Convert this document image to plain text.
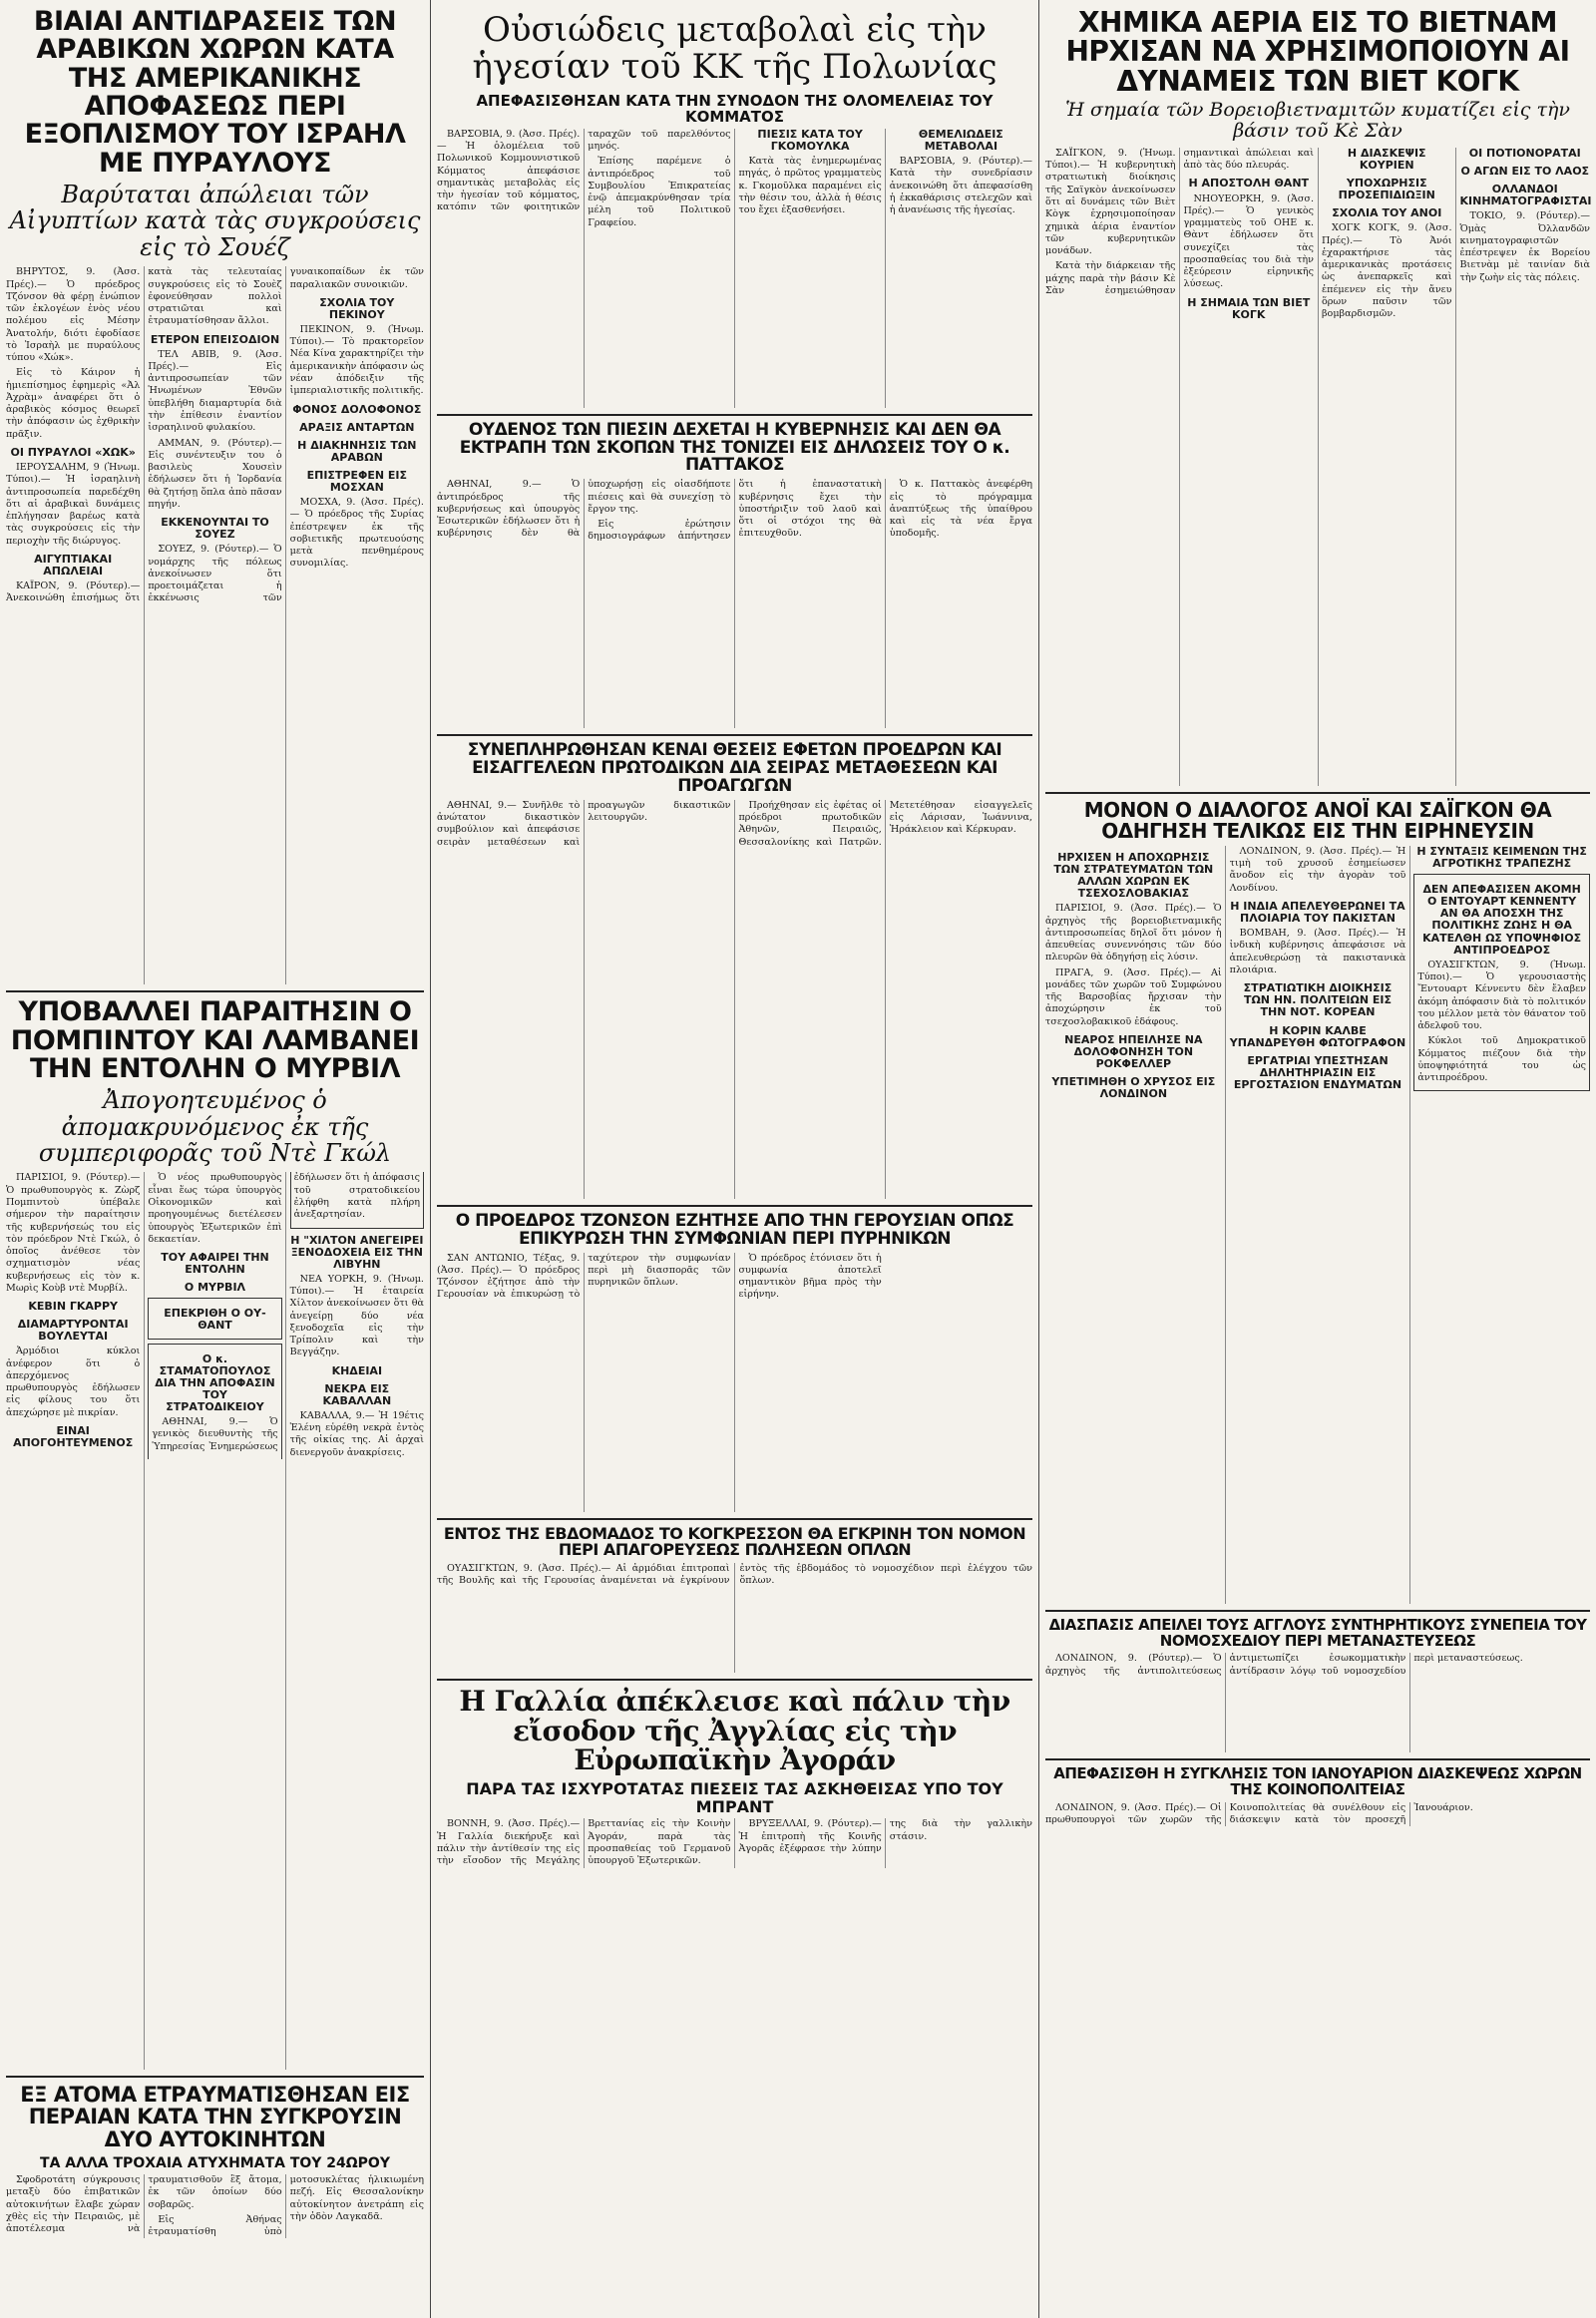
ΒΙΑΙΑΙ ΑΝΤΙΔΡΑΣΕΙΣ ΤΩΝ ΑΡΑΒΙΚΩΝ ΧΩΡΩΝ ΚΑΤΑ ΤΗΣ ΑΜΕΡΙΚΑΝΙΚΗΣ ΑΠΟΦΑΣΕΩΣ ΠΕΡΙ ΕΞΟΠΛΙΣΜΟΥ ΤΟΥ ΙΣΡΑΗΛ ΜΕ ΠΥΡΑΥΛΟΥΣ
Βαρύταται ἀπώλειαι τῶν Αἰγυπτίων κατὰ τὰς συγκρούσεις εἰς τὸ Σουέζ

ΒΗΡΥΤΟΣ, 9. (Ἀσσ. Πρές).— Ὁ πρόεδρος Τζόνσον θὰ φέρῃ ἐνώπιον τῶν ἐκλογέων ἑνὸς νέου πολέμου εἰς Μέσην Ἀνατολήν, διότι ἐφοδίασε τὸ Ἰσραὴλ με πυραύλους τύπου «Χώκ».

Εἰς τὸ Κάιρον ἡ ἡμιεπίσημος ἐφημερὶς «Ἀλ Ἀχρὰμ» ἀναφέρει ὅτι ὁ ἀραβικὸς κόσμος θεωρεῖ τὴν ἀπόφασιν ὡς ἐχθρικὴν πρᾶξιν.

ΟΙ ΠΥΡΑΥΛΟΙ «ΧΩΚ»

ΙΕΡΟΥΣΑΛΗΜ, 9 (Ἡνωμ. Τύποι).— Ἡ ἰσραηλινὴ ἀντιπροσωπεία παρεδέχθη ὅτι αἱ ἀραβικαὶ δυνάμεις ἐπλήγησαν βαρέως κατὰ τὰς συγκρούσεις εἰς τὴν περιοχὴν τῆς διώρυγος.

ΑΙΓΥΠΤΙΑΚΑΙ ΑΠΩΛΕΙΑΙ

ΚΑΪΡΟΝ, 9. (Ρόυτερ).— Ἀνεκοινώθη ἐπισήμως ὅτι κατὰ τὰς τελευταίας συγκρούσεις εἰς τὸ Σουὲζ ἐφονεύθησαν πολλοὶ στρατιῶται καὶ ἐτραυματίσθησαν ἄλλοι.

ΕΤΕΡΟΝ ΕΠΕΙΣΟΔΙΟΝ

ΤΕΛ ΑΒΙΒ, 9. (Ἀσσ. Πρές).— Εἰς ἀντιπροσωπείαν τῶν Ἡνωμένων Ἐθνῶν ὑπεβλήθη διαμαρτυρία διὰ τὴν ἐπίθεσιν ἐναντίον ἰσραηλινοῦ φυλακίου.

ΑΜΜΑΝ, 9. (Ρόυτερ).— Εἰς συνέντευξιν του ὁ βασιλεὺς Χουσεὶν ἐδήλωσεν ὅτι ἡ Ἰορδανία θὰ ζητήσῃ ὅπλα ἀπὸ πᾶσαν πηγήν.

ΕΚΚΕΝΟΥΝΤΑΙ ΤΟ ΣΟΥΕΖ

ΣΟΥΕΖ, 9. (Ρόυτερ).— Ὁ νομάρχης τῆς πόλεως ἀνεκοίνωσεν ὅτι προετοιμάζεται ἡ ἐκκένωσις τῶν γυναικοπαίδων ἐκ τῶν παραλιακῶν συνοικιῶν.

ΣΧΟΛΙΑ ΤΟΥ ΠΕΚΙΝΟΥ

ΠΕΚΙΝΟΝ, 9. (Ἡνωμ. Τύποι).— Τὸ πρακτορεῖον Νέα Κίνα χαρακτηρίζει τὴν ἀμερικανικὴν ἀπόφασιν ὡς νέαν ἀπόδειξιν τῆς ἰμπεριαλιστικῆς πολιτικῆς.

ΦΟΝΟΣ ΔΟΛΟΦΟΝΟΣ
ΑΡΑΞΙΣ ΑΝΤΑΡΤΩΝ
Η ΔΙΑΚΗΝΗΣΙΣ ΤΩΝ ΑΡΑΒΩΝ
ΕΠΙΣΤΡΕΦΕΝ ΕΙΣ ΜΟΣΧΑΝ

ΜΟΣΧΑ, 9. (Ἀσσ. Πρές).— Ὁ πρόεδρος τῆς Συρίας ἐπέστρεψεν ἐκ τῆς σοβιετικῆς πρωτευούσης μετὰ πενθημέρους συνομιλίας.

ΥΠΟΒΑΛΛΕΙ ΠΑΡΑΙΤΗΣΙΝ Ο ΠΟΜΠΙΝΤΟΥ ΚΑΙ ΛΑΜΒΑΝΕΙ ΤΗΝ ΕΝΤΟΛΗΝ Ο ΜΥΡΒΙΛ
Ἀπογοητευμένος ὁ ἀπομακρυνόμενος ἐκ τῆς συμπεριφορᾶς τοῦ Ντὲ Γκώλ

ΠΑΡΙΣΙΟΙ, 9. (Ρόυτερ).— Ὁ πρωθυπουργὸς κ. Ζὼρζ Πομπιντοὺ ὑπέβαλε σήμερον τὴν παραίτησιν τῆς κυβερνήσεώς του εἰς τὸν πρόεδρον Ντὲ Γκώλ, ὁ ὁποῖος ἀνέθεσε τὸν σχηματισμὸν νέας κυβερνήσεως εἰς τὸν κ. Μωρὶς Κοὺβ ντὲ Μυρβίλ.

ΚΕΒΙΝ ΓΚΑΡΡΥ
ΔΙΑΜΑΡΤΥΡΟΝΤΑΙ ΒΟΥΛΕΥΤΑΙ

Ἀρμόδιοι κύκλοι ἀνέφερον ὅτι ὁ ἀπερχόμενος πρωθυπουργὸς ἐδήλωσεν εἰς φίλους του ὅτι ἀπεχώρησε μὲ πικρίαν.

ΕΙΝΑΙ ΑΠΟΓΟΗΤΕΥΜΕΝΟΣ

Ὁ νέος πρωθυπουργὸς εἶναι ἕως τώρα ὑπουργὸς Οἰκονομικῶν καὶ προηγουμένως διετέλεσεν ὑπουργὸς Ἐξωτερικῶν ἐπὶ δεκαετίαν.

ΤΟΥ ΑΦΑΙΡΕΙ ΤΗΝ ΕΝΤΟΛΗΝ
Ο ΜΥΡΒΙΛ
ΕΠΕΚΡΙΘΗ Ο ΟΥ-ΘΑΝΤ
Ο κ. ΣΤΑΜΑΤΟΠΟΥΛΟΣ ΔΙΑ ΤΗΝ ΑΠΟΦΑΣΙΝ ΤΟΥ ΣΤΡΑΤΟΔΙΚΕΙΟΥ

ΑΘΗΝΑΙ, 9.— Ὁ γενικὸς διευθυντὴς τῆς Ὑπηρεσίας Ἐνημερώσεως ἐδήλωσεν ὅτι ἡ ἀπόφασις τοῦ στρατοδικείου ἐλήφθη κατὰ πλήρη ἀνεξαρτησίαν.

Η "ΧΙΛΤΟΝ ΑΝΕΓΕΙΡΕΙ ΞΕΝΟΔΟΧΕΙΑ ΕΙΣ ΤΗΝ ΛΙΒΥΗΝ

ΝΕΑ ΥΟΡΚΗ, 9. (Ἡνωμ. Τύποι).— Ἡ ἑταιρεία Χίλτον ἀνεκοίνωσεν ὅτι θὰ ἀνεγείρῃ δύο νέα ξενοδοχεῖα εἰς τὴν Τρίπολιν καὶ τὴν Βεγγάζην.

ΚΗΔΕΙΑΙ
ΝΕΚΡΑ ΕΙΣ ΚΑΒΑΛΛΑΝ

ΚΑΒΑΛΛΑ, 9.— Ἡ 19έτις Ἑλένη εὑρέθη νεκρὰ ἐντὸς τῆς οἰκίας της. Αἱ ἀρχαὶ διενεργοῦν ἀνακρίσεις.

ΕΞ ΑΤΟΜΑ ΕΤΡΑΥΜΑΤΙΣΘΗΣΑΝ ΕΙΣ ΠΕΡΑΙΑΝ ΚΑΤΑ ΤΗΝ ΣΥΓΚΡΟΥΣΙΝ ΔΥΟ ΑΥΤΟΚΙΝΗΤΩΝ
ΤΑ ΑΛΛΑ ΤΡΟΧΑΙΑ ΑΤΥΧΗΜΑΤΑ ΤΟΥ 24ΩΡΟΥ

Σφοδροτάτη σύγκρουσις μεταξὺ δύο ἐπιβατικῶν αὐτοκινήτων ἔλαβε χώραν χθὲς εἰς τὴν Πειραιῶς, μὲ ἀποτέλεσμα νὰ τραυματισθοῦν ἓξ ἄτομα, ἐκ τῶν ὁποίων δύο σοβαρῶς.

Εἰς Ἀθήνας ἐτραυματίσθη ὑπὸ μοτοσυκλέτας ἡλικιωμένη πεζή. Εἰς Θεσσαλονίκην αὐτοκίνητον ἀνετράπη εἰς τὴν ὁδὸν Λαγκαδᾶ.

Οὐσιώδεις μεταβολαὶ εἰς τὴν ἡγεσίαν τοῦ ΚΚ τῆς Πολωνίας
ΑΠΕΦΑΣΙΣΘΗΣΑΝ ΚΑΤΑ ΤΗΝ ΣΥΝΟΔΟΝ ΤΗΣ ΟΛΟΜΕΛΕΙΑΣ ΤΟΥ ΚΟΜΜΑΤΟΣ

ΒΑΡΣΟΒΙΑ, 9. (Ἀσσ. Πρές).— Ἡ ὁλομέλεια τοῦ Πολωνικοῦ Κομμουνιστικοῦ Κόμματος ἀπεφάσισε σημαντικὰς μεταβολὰς εἰς τὴν ἡγεσίαν τοῦ κόμματος, κατόπιν τῶν φοιτητικῶν ταραχῶν τοῦ παρελθόντος μηνός.

Ἐπίσης παρέμενε ὁ ἀντιπρόεδρος τοῦ Συμβουλίου Ἐπικρατείας ἐνῷ ἀπεμακρύνθησαν τρία μέλη τοῦ Πολιτικοῦ Γραφείου.

ΠΙΕΣΙΣ ΚΑΤΑ ΤΟΥ ΓΚΟΜΟΥΛΚΑ

Κατὰ τὰς ἐνημερωμένας πηγάς, ὁ πρῶτος γραμματεὺς κ. Γκομοῦλκα παραμένει εἰς τὴν θέσιν του, ἀλλὰ ἡ θέσις του ἔχει ἐξασθενήσει.

ΘΕΜΕΛΙΩΔΕΙΣ ΜΕΤΑΒΟΛΑΙ

ΒΑΡΣΟΒΙΑ, 9. (Ρόυτερ).— Κατὰ τὴν συνεδρίασιν ἀνεκοινώθη ὅτι ἀπεφασίσθη ἡ ἐκκαθάρισις στελεχῶν καὶ ἡ ἀνανέωσις τῆς ἡγεσίας.

ΟΥΔΕΝΟΣ ΤΩΝ ΠΙΕΣΙΝ ΔΕΧΕΤΑΙ Η ΚΥΒΕΡΝΗΣΙΣ ΚΑΙ ΔΕΝ ΘΑ ΕΚΤΡΑΠΗ ΤΩΝ ΣΚΟΠΩΝ ΤΗΣ ΤΟΝΙΖΕΙ ΕΙΣ ΔΗΛΩΣΕΙΣ ΤΟΥ Ο κ. ΠΑΤΤΑΚΟΣ

ΑΘΗΝΑΙ, 9.— Ὁ ἀντιπρόεδρος τῆς κυβερνήσεως καὶ ὑπουργὸς Ἐσωτερικῶν ἐδήλωσεν ὅτι ἡ κυβέρνησις δὲν θὰ ὑποχωρήσῃ εἰς οἱασδήποτε πιέσεις καὶ θὰ συνεχίσῃ τὸ ἔργον της.

Εἰς ἐρώτησιν δημοσιογράφων ἀπήντησεν ὅτι ἡ ἐπαναστατικὴ κυβέρνησις ἔχει τὴν ὑποστήριξιν τοῦ λαοῦ καὶ ὅτι οἱ στόχοι της θὰ ἐπιτευχθοῦν.

Ὁ κ. Παττακὸς ἀνεφέρθη εἰς τὸ πρόγραμμα ἀναπτύξεως τῆς ὑπαίθρου καὶ εἰς τὰ νέα ἔργα ὑποδομῆς.

ΣΥΝΕΠΛΗΡΩΘΗΣΑΝ ΚΕΝΑΙ ΘΕΣΕΙΣ ΕΦΕΤΩΝ ΠΡΟΕΔΡΩΝ ΚΑΙ ΕΙΣΑΓΓΕΛΕΩΝ ΠΡΩΤΟΔΙΚΩΝ ΔΙΑ ΣΕΙΡΑΣ ΜΕΤΑΘΕΣΕΩΝ ΚΑΙ ΠΡΟΑΓΩΓΩΝ

ΑΘΗΝΑΙ, 9.— Συνῆλθε τὸ ἀνώτατον δικαστικὸν συμβούλιον καὶ ἀπεφάσισε σειρὰν μεταθέσεων καὶ προαγωγῶν δικαστικῶν λειτουργῶν.

Προήχθησαν εἰς ἐφέτας οἱ πρόεδροι πρωτοδικῶν Ἀθηνῶν, Πειραιῶς, Θεσσαλονίκης καὶ Πατρῶν. Μετετέθησαν εἰσαγγελεῖς εἰς Λάρισαν, Ἰωάννινα, Ἡράκλειον καὶ Κέρκυραν.

Ο ΠΡΟΕΔΡΟΣ ΤΖΟΝΣΟΝ ΕΖΗΤΗΣΕ ΑΠΟ ΤΗΝ ΓΕΡΟΥΣΙΑΝ ΟΠΩΣ ΕΠΙΚΥΡΩΣΗ ΤΗΝ ΣΥΜΦΩΝΙΑΝ ΠΕΡΙ ΠΥΡΗΝΙΚΩΝ

ΣΑΝ ΑΝΤΩΝΙΟ, Τέξας, 9. (Ἀσσ. Πρές).— Ὁ πρόεδρος Τζόνσον ἐζήτησε ἀπὸ τὴν Γερουσίαν νὰ ἐπικυρώσῃ τὸ ταχύτερον τὴν συμφωνίαν περὶ μὴ διασπορᾶς τῶν πυρηνικῶν ὅπλων.

Ὁ πρόεδρος ἐτόνισεν ὅτι ἡ συμφωνία ἀποτελεῖ σημαντικὸν βῆμα πρὸς τὴν εἰρήνην.

ΕΝΤΟΣ ΤΗΣ ΕΒΔΟΜΑΔΟΣ ΤΟ ΚΟΓΚΡΕΣΣΟΝ ΘΑ ΕΓΚΡΙΝΗ ΤΟΝ ΝΟΜΟΝ ΠΕΡΙ ΑΠΑΓΟΡΕΥΣΕΩΣ ΠΩΛΗΣΕΩΝ ΟΠΛΩΝ

ΟΥΑΣΙΓΚΤΩΝ, 9. (Ἀσσ. Πρές).— Αἱ ἀρμόδιαι ἐπιτροπαὶ τῆς Βουλῆς καὶ τῆς Γερουσίας ἀναμένεται νὰ ἐγκρίνουν ἐντὸς τῆς ἑβδομάδος τὸ νομοσχέδιον περὶ ἐλέγχου τῶν ὅπλων.

Η Γαλλία ἀπέκλεισε καὶ πάλιν τὴν εἴσοδον τῆς Ἀγγλίας εἰς τὴν Εὐρωπαϊκὴν Ἀγοράν
ΠΑΡΑ ΤΑΣ ΙΣΧΥΡΟΤΑΤΑΣ ΠΙΕΣΕΙΣ ΤΑΣ ΑΣΚΗΘΕΙΣΑΣ ΥΠΟ ΤΟΥ ΜΠΡΑΝΤ

ΒΟΝΝΗ, 9. (Ἀσσ. Πρές).— Ἡ Γαλλία διεκήρυξε καὶ πάλιν τὴν ἀντίθεσίν της εἰς τὴν εἴσοδον τῆς Μεγάλης Βρεττανίας εἰς τὴν Κοινὴν Ἀγοράν, παρὰ τὰς προσπαθείας τοῦ Γερμανοῦ ὑπουργοῦ Ἐξωτερικῶν.

ΒΡΥΞΕΛΛΑΙ, 9. (Ρόυτερ).— Ἡ ἐπιτροπὴ τῆς Κοινῆς Ἀγορᾶς ἐξέφρασε τὴν λύπην της διὰ τὴν γαλλικὴν στάσιν.

ΧΗΜΙΚΑ ΑΕΡΙΑ ΕΙΣ ΤΟ ΒΙΕΤΝΑΜ ΗΡΧΙΣΑΝ ΝΑ ΧΡΗΣΙΜΟΠΟΙΟΥΝ ΑΙ ΔΥΝΑΜΕΙΣ ΤΩΝ ΒΙΕΤ ΚΟΓΚ
Ἡ σημαία τῶν Βορειοβιετναμιτῶν κυματίζει εἰς τὴν βάσιν τοῦ Κὲ Σὰν

ΣΑΪΓΚΟΝ, 9. (Ἡνωμ. Τύποι).— Ἡ κυβερνητικὴ στρατιωτικὴ διοίκησις τῆς Σαϊγκὸν ἀνεκοίνωσεν ὅτι αἱ δυνάμεις τῶν Βιὲτ Κὸγκ ἐχρησιμοποίησαν χημικὰ ἀέρια ἐναντίον τῶν κυβερνητικῶν μονάδων.

Κατὰ τὴν διάρκειαν τῆς μάχης παρὰ τὴν βάσιν Κὲ Σὰν ἐσημειώθησαν σημαντικαὶ ἀπώλειαι καὶ ἀπὸ τὰς δύο πλευράς.

Η ΑΠΟΣΤΟΛΗ ΘΑΝΤ

ΝΗΟΥΕΟΡΚΗ, 9. (Ἀσσ. Πρές).— Ὁ γενικὸς γραμματεὺς τοῦ ΟΗΕ κ. Θὰντ ἐδήλωσεν ὅτι συνεχίζει τὰς προσπαθείας του διὰ τὴν ἐξεύρεσιν εἰρηνικῆς λύσεως.

Η ΣΗΜΑΙΑ ΤΩΝ ΒΙΕΤ ΚΟΓΚ
Η ΔΙΑΣΚΕΨΙΣ ΚΟΥΡΙΕΝ
ΥΠΟΧΩΡΗΣΙΣ ΠΡΟΣΕΠΙΔΙΩΞΙΝ
ΣΧΟΛΙΑ ΤΟΥ ΑΝΟΙ

ΧΟΓΚ ΚΟΓΚ, 9. (Ἀσσ. Πρές).— Τὸ Ἀνόι ἐχαρακτήρισε τὰς ἀμερικανικὰς προτάσεις ὡς ἀνεπαρκεῖς καὶ ἐπέμενεν εἰς τὴν ἄνευ ὅρων παῦσιν τῶν βομβαρδισμῶν.

ΟΙ ΠΟΤΙΟΝΟΡΑΤΑΙ
Ο ΑΓΩΝ ΕΙΣ ΤΟ ΛΑΟΣ
ΟΛΛΑΝΔΟΙ ΚΙΝΗΜΑΤΟΓΡΑΦΙΣΤΑΙ

ΤΟΚΙΟ, 9. (Ρόυτερ).— Ὁμὰς Ὀλλανδῶν κινηματογραφιστῶν ἐπέστρεψεν ἐκ Βορείου Βιετνὰμ μὲ ταινίαν διὰ τὴν ζωὴν εἰς τὰς πόλεις.

ΜΟΝΟΝ Ο ΔΙΑΛΟΓΟΣ ΑΝΟΪ ΚΑΙ ΣΑΪΓΚΟΝ ΘΑ ΟΔΗΓΗΣΗ ΤΕΛΙΚΩΣ ΕΙΣ ΤΗΝ ΕΙΡΗΝΕΥΣΙΝ
ΗΡΧΙΣΕΝ Η ΑΠΟΧΩΡΗΣΙΣ ΤΩΝ ΣΤΡΑΤΕΥΜΑΤΩΝ ΤΩΝ ΑΛΛΩΝ ΧΩΡΩΝ ΕΚ ΤΣΕΧΟΣΛΟΒΑΚΙΑΣ

ΠΑΡΙΣΙΟΙ, 9. (Ἀσσ. Πρές).— Ὁ ἀρχηγὸς τῆς βορειοβιετναμικῆς ἀντιπροσωπείας δηλοῖ ὅτι μόνον ἡ ἀπευθείας συνεννόησις τῶν δύο πλευρῶν θὰ ὁδηγήσῃ εἰς λύσιν.

ΠΡΑΓΑ, 9. (Ἀσσ. Πρές).— Αἱ μονάδες τῶν χωρῶν τοῦ Συμφώνου τῆς Βαρσοβίας ἤρχισαν τὴν ἀποχώρησιν ἐκ τοῦ τσεχοσλοβακικοῦ ἐδάφους.

ΝΕΑΡΟΣ ΗΠΕΙΛΗΣΕ ΝΑ ΔΟΛΟΦΟΝΗΣΗ ΤΟΝ ΡΟΚΦΕΛΛΕΡ
ΥΠΕΤΙΜΗΘΗ Ο ΧΡΥΣΟΣ ΕΙΣ ΛΟΝΔΙΝΟΝ

ΛΟΝΔΙΝΟΝ, 9. (Ἀσσ. Πρές).— Ἡ τιμὴ τοῦ χρυσοῦ ἐσημείωσεν ἄνοδον εἰς τὴν ἀγορὰν τοῦ Λονδίνου.

Η ΙΝΔΙΑ ΑΠΕΛΕΥΘΕΡΩΝΕΙ ΤΑ ΠΛΟΙΑΡΙΑ ΤΟΥ ΠΑΚΙΣΤΑΝ

ΒΟΜΒΑΗ, 9. (Ἀσσ. Πρές).— Ἡ ἰνδικὴ κυβέρνησις ἀπεφάσισε νὰ ἀπελευθερώσῃ τὰ πακιστανικὰ πλοιάρια.

ΣΤΡΑΤΙΩΤΙΚΗ ΔΙΟΙΚΗΣΙΣ ΤΩΝ ΗΝ. ΠΟΛΙΤΕΙΩΝ ΕΙΣ ΤΗΝ ΝΟΤ. ΚΟΡΕΑΝ
Η ΚΟΡΙΝ ΚΑΛΒΕ ΥΠΑΝΔΡΕΥΘΗ ΦΩΤΟΓΡΑΦΟΝ
ΕΡΓΑΤΡΙΑΙ ΥΠΕΣΤΗΣΑΝ ΔΗΛΗΤΗΡΙΑΣΙΝ ΕΙΣ ΕΡΓΟΣΤΑΣΙΟΝ ΕΝΔΥΜΑΤΩΝ
Η ΣΥΝΤΑΞΙΣ ΚΕΙΜΕΝΩΝ ΤΗΣ ΑΓΡΟΤΙΚΗΣ ΤΡΑΠΕΖΗΣ
ΔΕΝ ΑΠΕΦΑΣΙΣΕΝ ΑΚΟΜΗ Ο ΕΝΤΟΥΑΡΤ ΚΕΝΝΕΝΤΥ ΑΝ ΘΑ ΑΠΟΣΧΗ ΤΗΣ ΠΟΛΙΤΙΚΗΣ ΖΩΗΣ Η ΘΑ ΚΑΤΕΛΘΗ ΩΣ ΥΠΟΨΗΦΙΟΣ ΑΝΤΙΠΡΟΕΔΡΟΣ

ΟΥΑΣΙΓΚΤΩΝ, 9. (Ἡνωμ. Τύποι).— Ὁ γερουσιαστὴς Ἔντουαρτ Κέννεντυ δὲν ἔλαβεν ἀκόμη ἀπόφασιν διὰ τὸ πολιτικόν του μέλλον μετὰ τὸν θάνατον τοῦ ἀδελφοῦ του.

Κύκλοι τοῦ Δημοκρατικοῦ Κόμματος πιέζουν διὰ τὴν ὑποψηφιότητά του ὡς ἀντιπροέδρου.

ΔΙΑΣΠΑΣΙΣ ΑΠΕΙΛΕΙ ΤΟΥΣ ΑΓΓΛΟΥΣ ΣΥΝΤΗΡΗΤΙΚΟΥΣ ΣΥΝΕΠΕΙΑ ΤΟΥ ΝΟΜΟΣΧΕΔΙΟΥ ΠΕΡΙ ΜΕΤΑΝΑΣΤΕΥΣΕΩΣ

ΛΟΝΔΙΝΟΝ, 9. (Ρόυτερ).— Ὁ ἀρχηγὸς τῆς ἀντιπολιτεύσεως ἀντιμετωπίζει ἐσωκομματικὴν ἀντίδρασιν λόγῳ τοῦ νομοσχεδίου περὶ μεταναστεύσεως.

ΑΠΕΦΑΣΙΣΘΗ Η ΣΥΓΚΛΗΣΙΣ ΤΟΝ ΙΑΝΟΥΑΡΙΟΝ ΔΙΑΣΚΕΨΕΩΣ ΧΩΡΩΝ ΤΗΣ ΚΟΙΝΟΠΟΛΙΤΕΙΑΣ

ΛΟΝΔΙΝΟΝ, 9. (Ἀσσ. Πρές).— Οἱ πρωθυπουργοὶ τῶν χωρῶν τῆς Κοινοπολιτείας θὰ συνέλθουν εἰς διάσκεψιν κατὰ τὸν προσεχῆ Ἰανουάριον.
